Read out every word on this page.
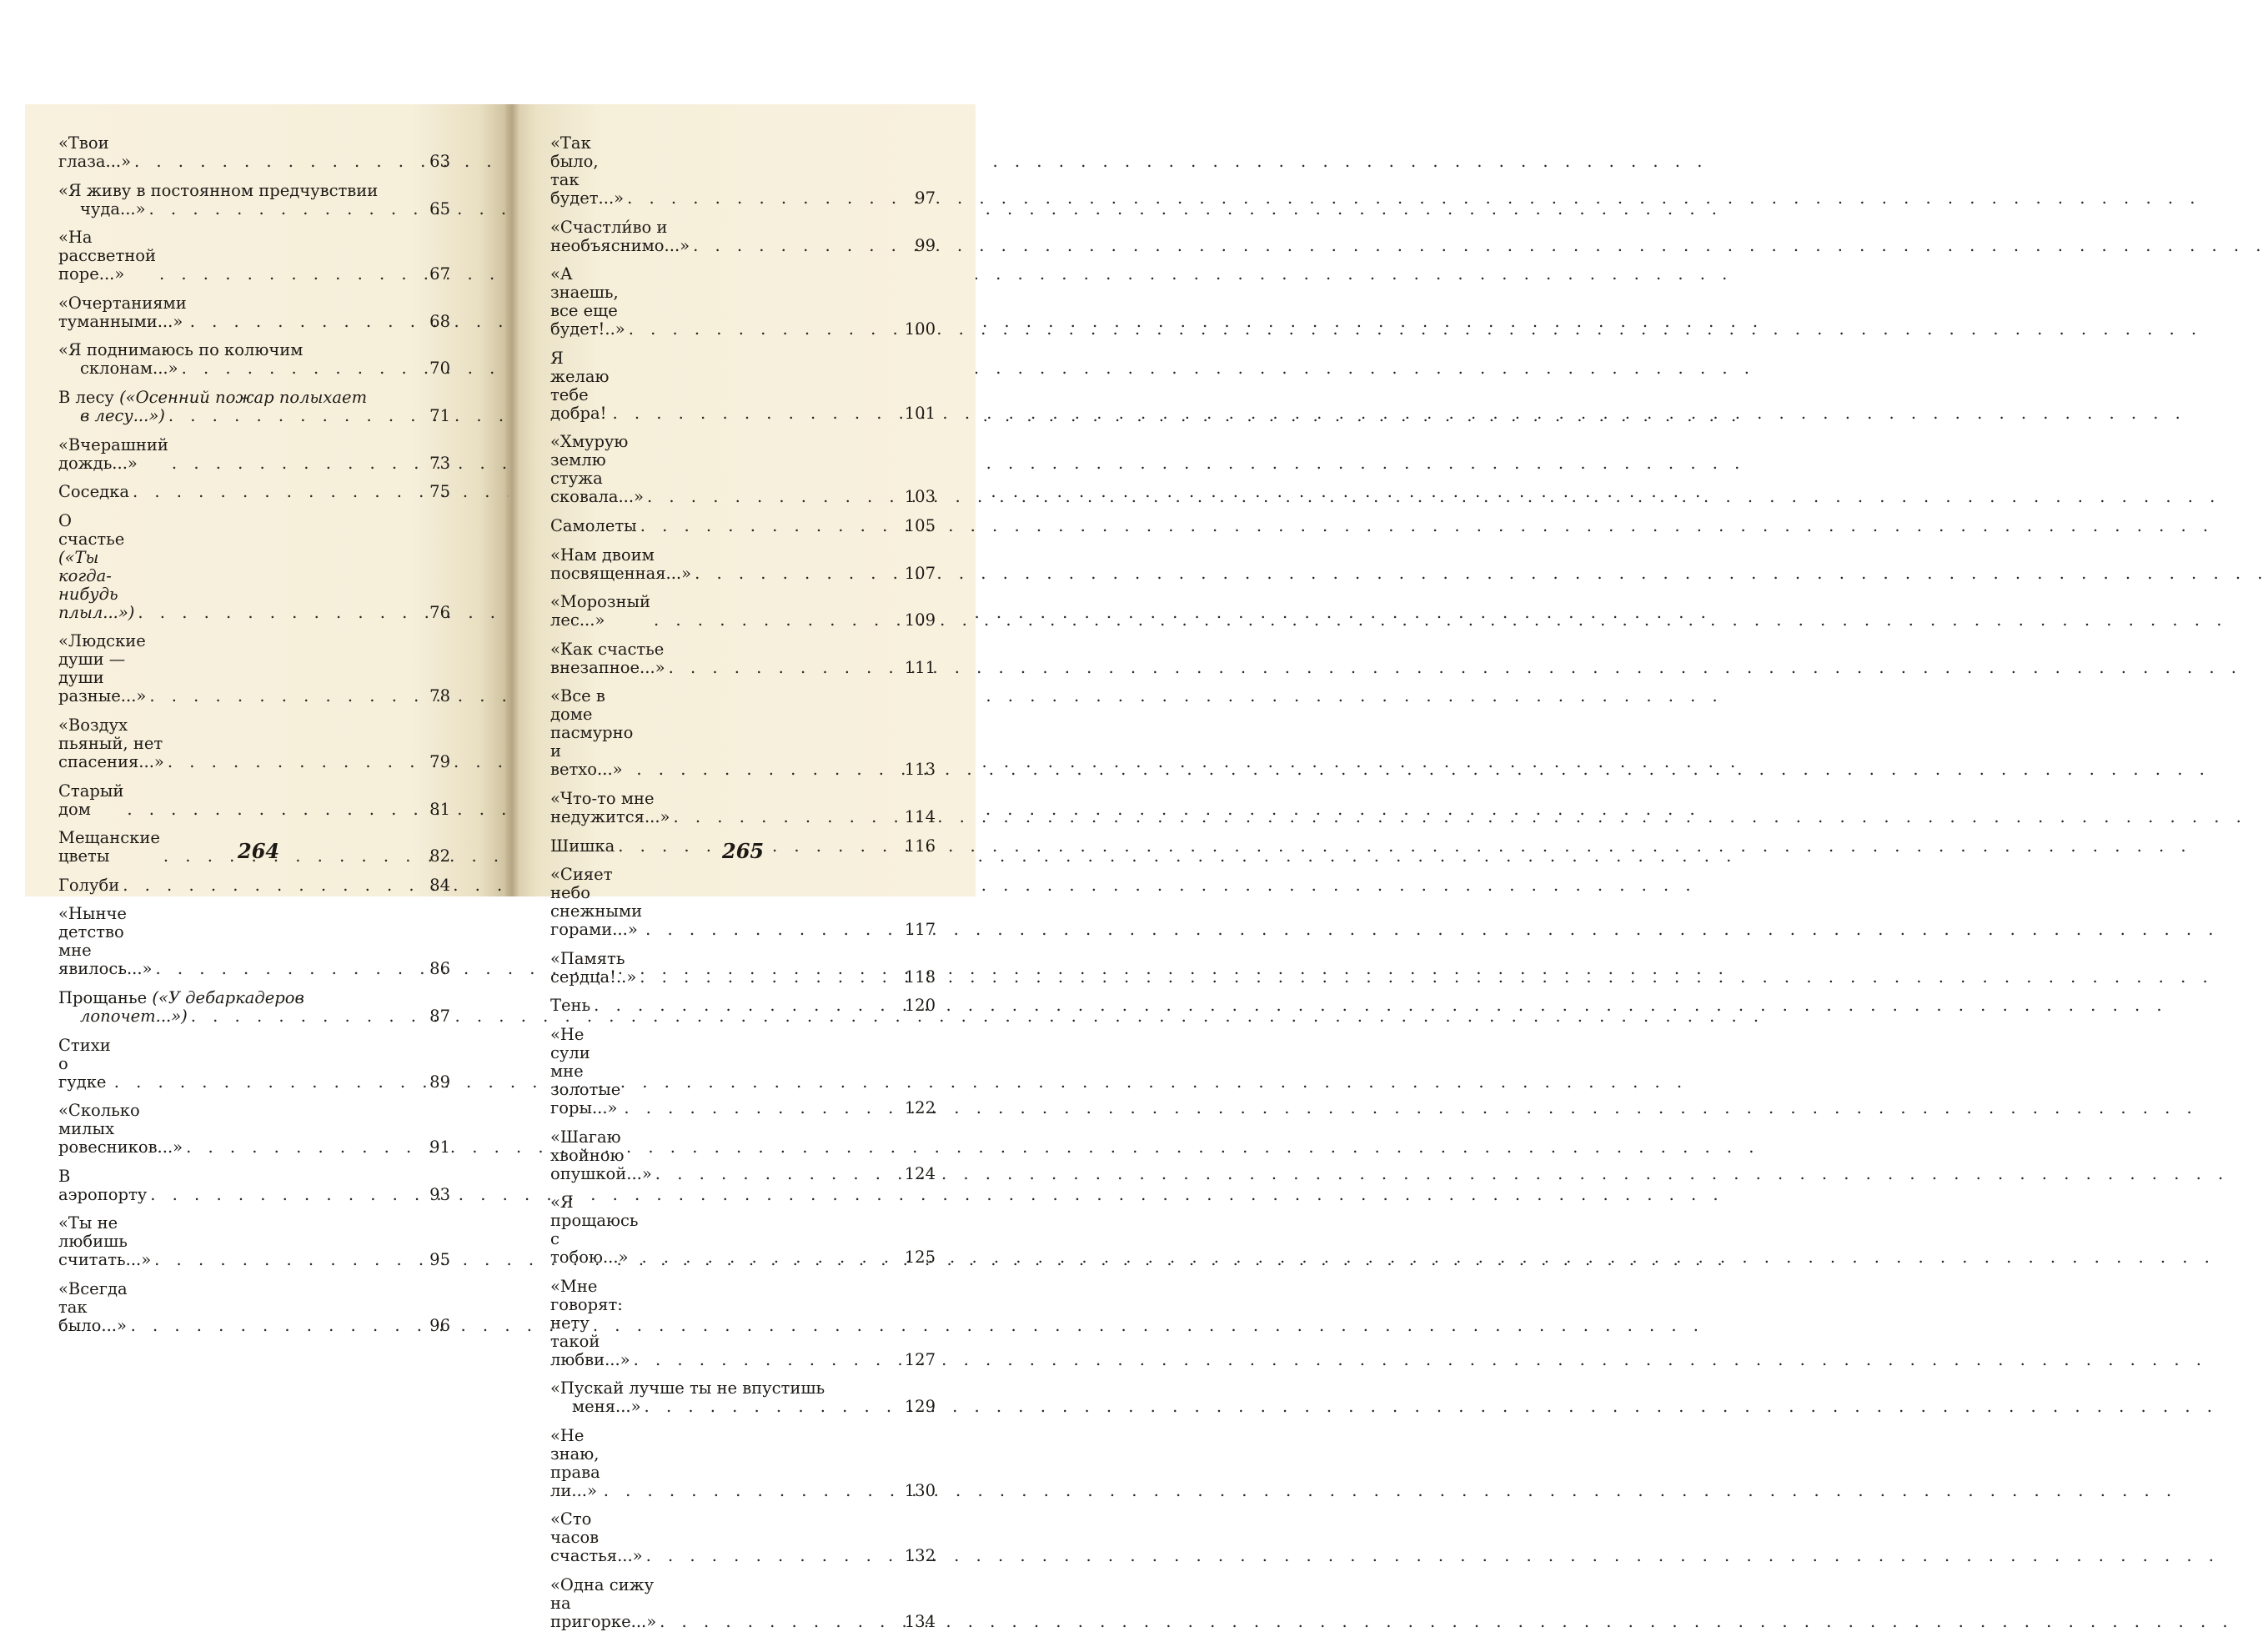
«Твои глаза...» . . .	63
«Я живу в постоянном предчувствии
чуда...» . . .	65
«На рассветной поре...» . . .	67
«Очертаниями туманными...» . . .	68
«Я поднимаюсь по колючим
склонам...» . . .	70
В лесу («Осенний пожар полыхает
в лесу...») . . .	71
«Вчерашний дождь...» . . .	73
Соседка . . .	75
О счастье («Ты когда-нибудь плыл...») . . .	76
«Людские души — души разные...» . . .	78
«Воздух пьяный, нет спасения...» . . .	79
Старый дом . . .	81
Мещанские цветы . . .	82
Голуби . . .	84
«Нынче детство мне явилось...» . . .	86
Прощанье («У дебаркадеров
лопочет...») . . .	87
Стихи о гудке . . .	89
«Сколько милых ровесников...» . . .	91
В аэропорту . . .	93
«Ты не любишь считать...» . . .	95
«Всегда так было...» . . .	96
264
«Так было, так будет...» . . .	97
«Счастли́во и необъяснимо...» . . .	99
«А знаешь, все еще будет!..» . . .	100
Я желаю тебе добра! . . .	101
«Хмурую землю стужа сковала...» . . .	103
Самолеты . . .	105
«Нам двоим посвященная...» . . .	107
«Морозный лес...» . . .	109
«Как счастье внезапное...» . . .	111
«Все в доме пасмурно и ветхо...» . . .	113
«Что-то мне недужится...» . . .	114
Шишка . . .	116
«Сияет небо снежными горами...» . . .	117
«Память сердца!..» . . .	118
Тень . . .	120
«Не сули мне золотые горы...» . . .	122
«Шагаю хвойною опушкой...» . . .	124
«Я прощаюсь с тобою...» . . .	125
«Мне говорят: нету такой любви...» . . .	127
«Пускай лучше ты не впустишь
меня...» . . .	129
«Не знаю, права ли...» . . .	130
«Сто часов счастья...» . . .	132
«Одна сижу на пригорке...» . . .	134
265
